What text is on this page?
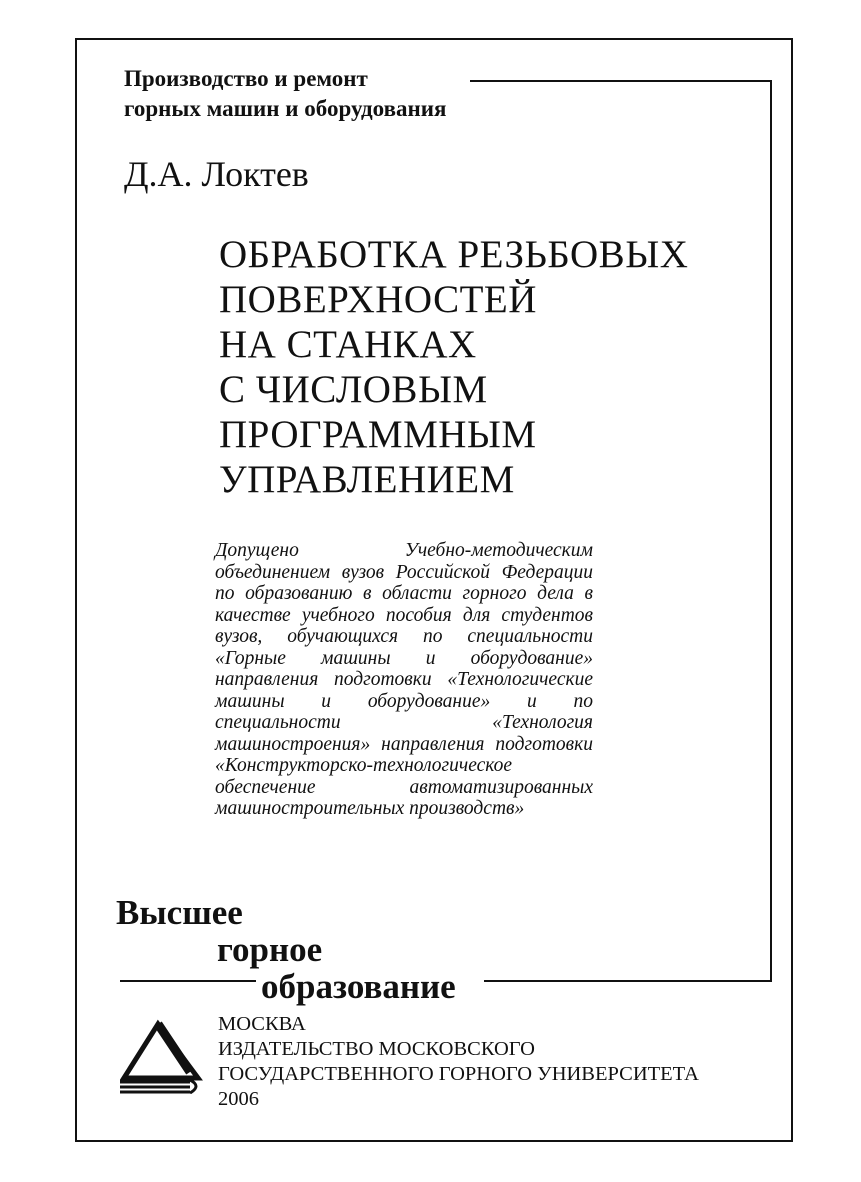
Производство и ремонт
горных машин и оборудования
Д.А. Локтев
ОБРАБОТКА РЕЗЬБОВЫХ
ПОВЕРХНОСТЕЙ
НА СТАНКАХ
С ЧИСЛОВЫМ
ПРОГРАММНЫМ
УПРАВЛЕНИЕМ

Допущено Учебно-методическим объединением вузов Российской Федерации по образованию в области горного дела в качестве учебного пособия для студентов вузов, обучающихся по специальности «Горные машины и оборудование» направления подготовки «Технологические машины и оборудование» и по специальности «Технология машиностроения» направления подготовки «Конструкторско-технологическое обеспечение автоматизированных машиностроительных производств»

Высшее
горное
образование
МОСКВА
ИЗДАТЕЛЬСТВО МОСКОВСКОГО
ГОСУДАРСТВЕННОГО ГОРНОГО УНИВЕРСИТЕТА
2006
